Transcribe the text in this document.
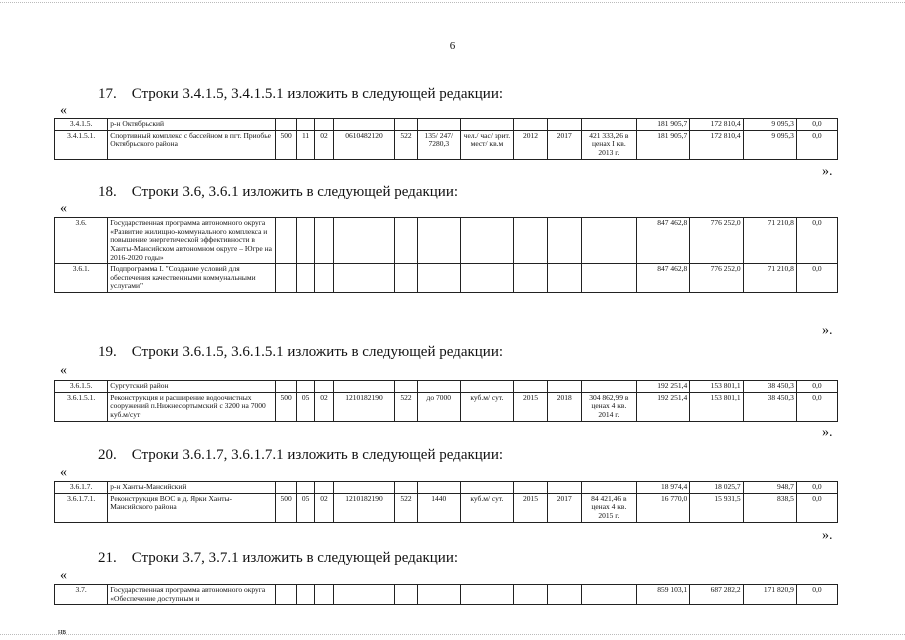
6
17. Строки 3.4.1.5, 3.4.1.5.1 изложить в следующей редакции:
«
3.4.1.5.	р-н Октябрьский											181 905,7	172 810,4	9 095,3	0,0
3.4.1.5.1.	Спортивный комплекс с бассейном в пгт. Приобье Октябрьского района	500	11	02	0610482120	522	135/ 247/ 7280,3	чел./ час/ зрит. мест/ кв.м	2012	2017	421 333,26 в ценах I кв. 2013 г.	181 905,7	172 810,4	9 095,3	0,0
».
18. Строки 3.6, 3.6.1 изложить в следующей редакции:
«
3.6.	Государственная программа автономного округа «Развитие жилищно-коммунального комплекса и повышение энергетической эффективности в Ханты-Мансийском автономном округе – Югре на 2016-2020 годы»											847 462,8	776 252,0	71 210,8	0,0
3.6.1.	Подпрограмма I. "Создание условий для обеспечения качественными коммунальными услугами"											847 462,8	776 252,0	71 210,8	0,0
».
19. Строки 3.6.1.5, 3.6.1.5.1 изложить в следующей редакции:
«
3.6.1.5.	Сургутский район											192 251,4	153 801,1	38 450,3	0,0
3.6.1.5.1.	Реконструкция и расширение водоочистных сооружений п.Нижнесортымский с 3200 на 7000 куб.м/сут	500	05	02	1210182190	522	до 7000	куб.м/ сут.	2015	2018	304 862,99 в ценах 4 кв. 2014 г.	192 251,4	153 801,1	38 450,3	0,0
».
20. Строки 3.6.1.7, 3.6.1.7.1 изложить в следующей редакции:
«
3.6.1.7.	р-н Ханты-Мансийский											18 974,4	18 025,7	948,7	0,0
3.6.1.7.1.	Реконструкция ВОС в д. Ярки Ханты-Мансийского района	500	05	02	1210182190	522	1440	куб.м/ сут.	2015	2017	84 421,46 в ценах 4 кв. 2015 г.	16 770,0	15 931,5	838,5	0,0
».
21. Строки 3.7, 3.7.1 изложить в следующей редакции:
«
3.7.	Государственная программа автономного округа «Обеспечение доступным и											859 103,1	687 282,2	171 820,9	0,0
нв
